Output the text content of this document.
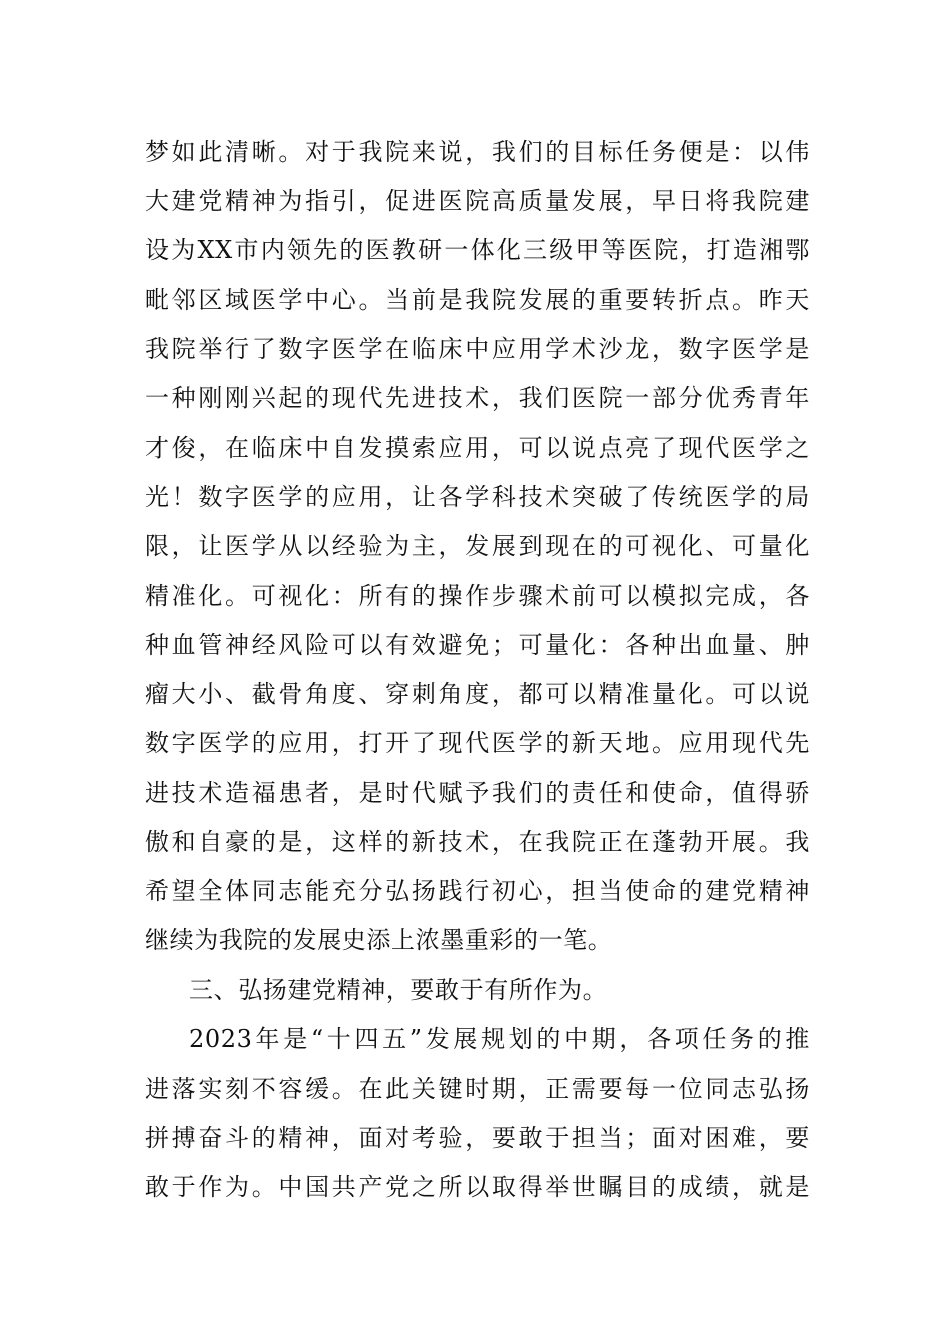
梦如此清晰。对于我院来说，我们的目标任务便是：以伟
大建党精神为指引，促进医院高质量发展，早日将我院建
设为XX市内领先的医教研一体化三级甲等医院，打造湘鄂
毗邻区域医学中心。当前是我院发展的重要转折点。昨天
我院举行了数字医学在临床中应用学术沙龙，数字医学是
一种刚刚兴起的现代先进技术，我们医院一部分优秀青年
才俊，在临床中自发摸索应用，可以说点亮了现代医学之
光！数字医学的应用，让各学科技术突破了传统医学的局
限，让医学从以经验为主，发展到现在的可视化、可量化
精准化。可视化：所有的操作步骤术前可以模拟完成，各
种血管神经风险可以有效避免；可量化：各种出血量、肿
瘤大小、截骨角度、穿刺角度，都可以精准量化。可以说
数字医学的应用，打开了现代医学的新天地。应用现代先
进技术造福患者，是时代赋予我们的责任和使命，值得骄
傲和自豪的是，这样的新技术，在我院正在蓬勃开展。我
希望全体同志能充分弘扬践行初心，担当使命的建党精神
继续为我院的发展史添上浓墨重彩的一笔。
三、弘扬建党精神，要敢于有所作为。
2023年是“十四五”发展规划的中期，各项任务的推
进落实刻不容缓。在此关键时期，正需要每一位同志弘扬
拼搏奋斗的精神，面对考验，要敢于担当；面对困难，要
敢于作为。中国共产党之所以取得举世瞩目的成绩，就是
